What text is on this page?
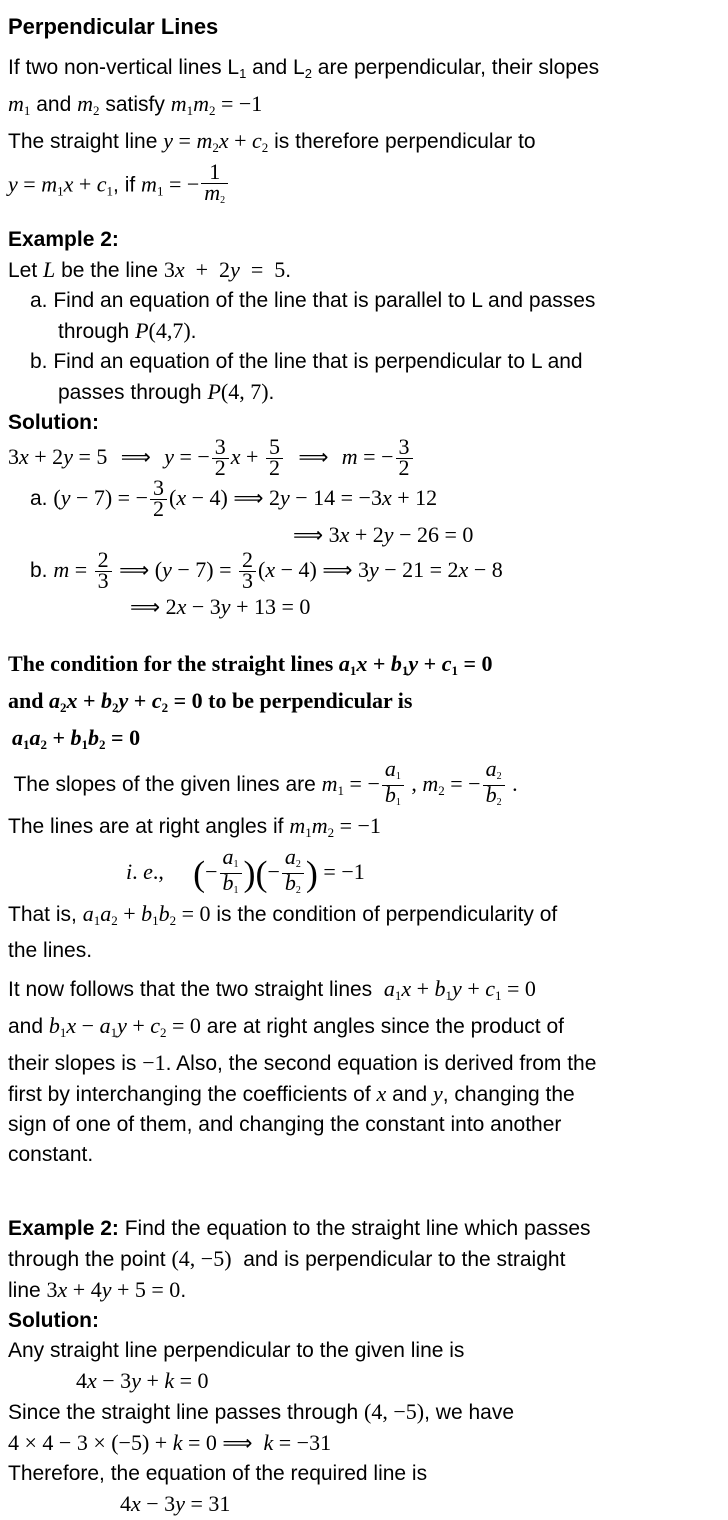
Perpendicular Lines
If two non-vertical lines $L_1$ and $L_2$ are perpendicular, their slopes
$m_1$ and $m_2$ satisfy $m_1m_2 = -1$
The straight line $y = m_2x + c_2$ is therefore perpendicular to
$y = m_1x + c_1$, if $m_1$ = − $\frac{1}{m_2}$
Example 2:
Let L be the line 3x  +  2y  =  5.
a. Find an equation of the line that is parallel to L and passes
through P(4,7).
b. Find an equation of the line that is perpendicular to L and
passes through P(4, 7).
Solution:
3x + 2y = 5  ⟹  y = − $\frac{3}{2}$ $x + \frac{5}{2}$ ⟹  m = − $\frac{3}{2}$
a. (y − 7) = − $\frac{3}{2} (x - 4)$ ⟹ 2y − 14 = −3x + 12
⟹ 3x + 2y − 26 = 0
b. $m = \frac{2}{3}$ ⟹ $(y - 7) = \frac{2}{3} (x - 4)$ ⟹ 3y − 21 = 2x − 8
⟹ 2x − 3y + 13 = 0
The condition for the straight lines $a_1x + b_1y + c_1 = 0$
and $a_2x + b_2y + c_2 = 0$ to be perpendicular is
$a_1a_2 + b_1b_2 = 0$
The slopes of the given lines are $m_1$ = − $\frac{a_1}{b_1}$ , $m_2$ = − $\frac{a_2}{b_2}$ .
The lines are at right angles if $m_1m_2 = -1$
i. e., (− $\frac{a_1}{b_1}$ )(− $\frac{a_2}{b_2}$ ) = −1
That is, $a_1a_2 + b_1b_2 = 0$ is the condition of perpendicularity of
the lines.
It now follows that the two straight lines  $a_1x + b_1y + c_1 = 0$
and $b_1x - a_1y + c_2 = 0$ are at right angles since the product of
their slopes is −1. Also, the second equation is derived from the
first by interchanging the coefficients of x and y, changing the
sign of one of them, and changing the constant into another
constant.
Example 2: Find the equation to the straight line which passes
through the point (4, −5)  and is perpendicular to the straight
line 3x + 4y + 5 = 0.
Solution:
Any straight line perpendicular to the given line is
4x − 3y + k = 0
Since the straight line passes through (4, −5), we have
4 × 4 − 3 × (−5) + k = 0 ⟹ k = −31
Therefore, the equation of the required line is
4x − 3y = 31
